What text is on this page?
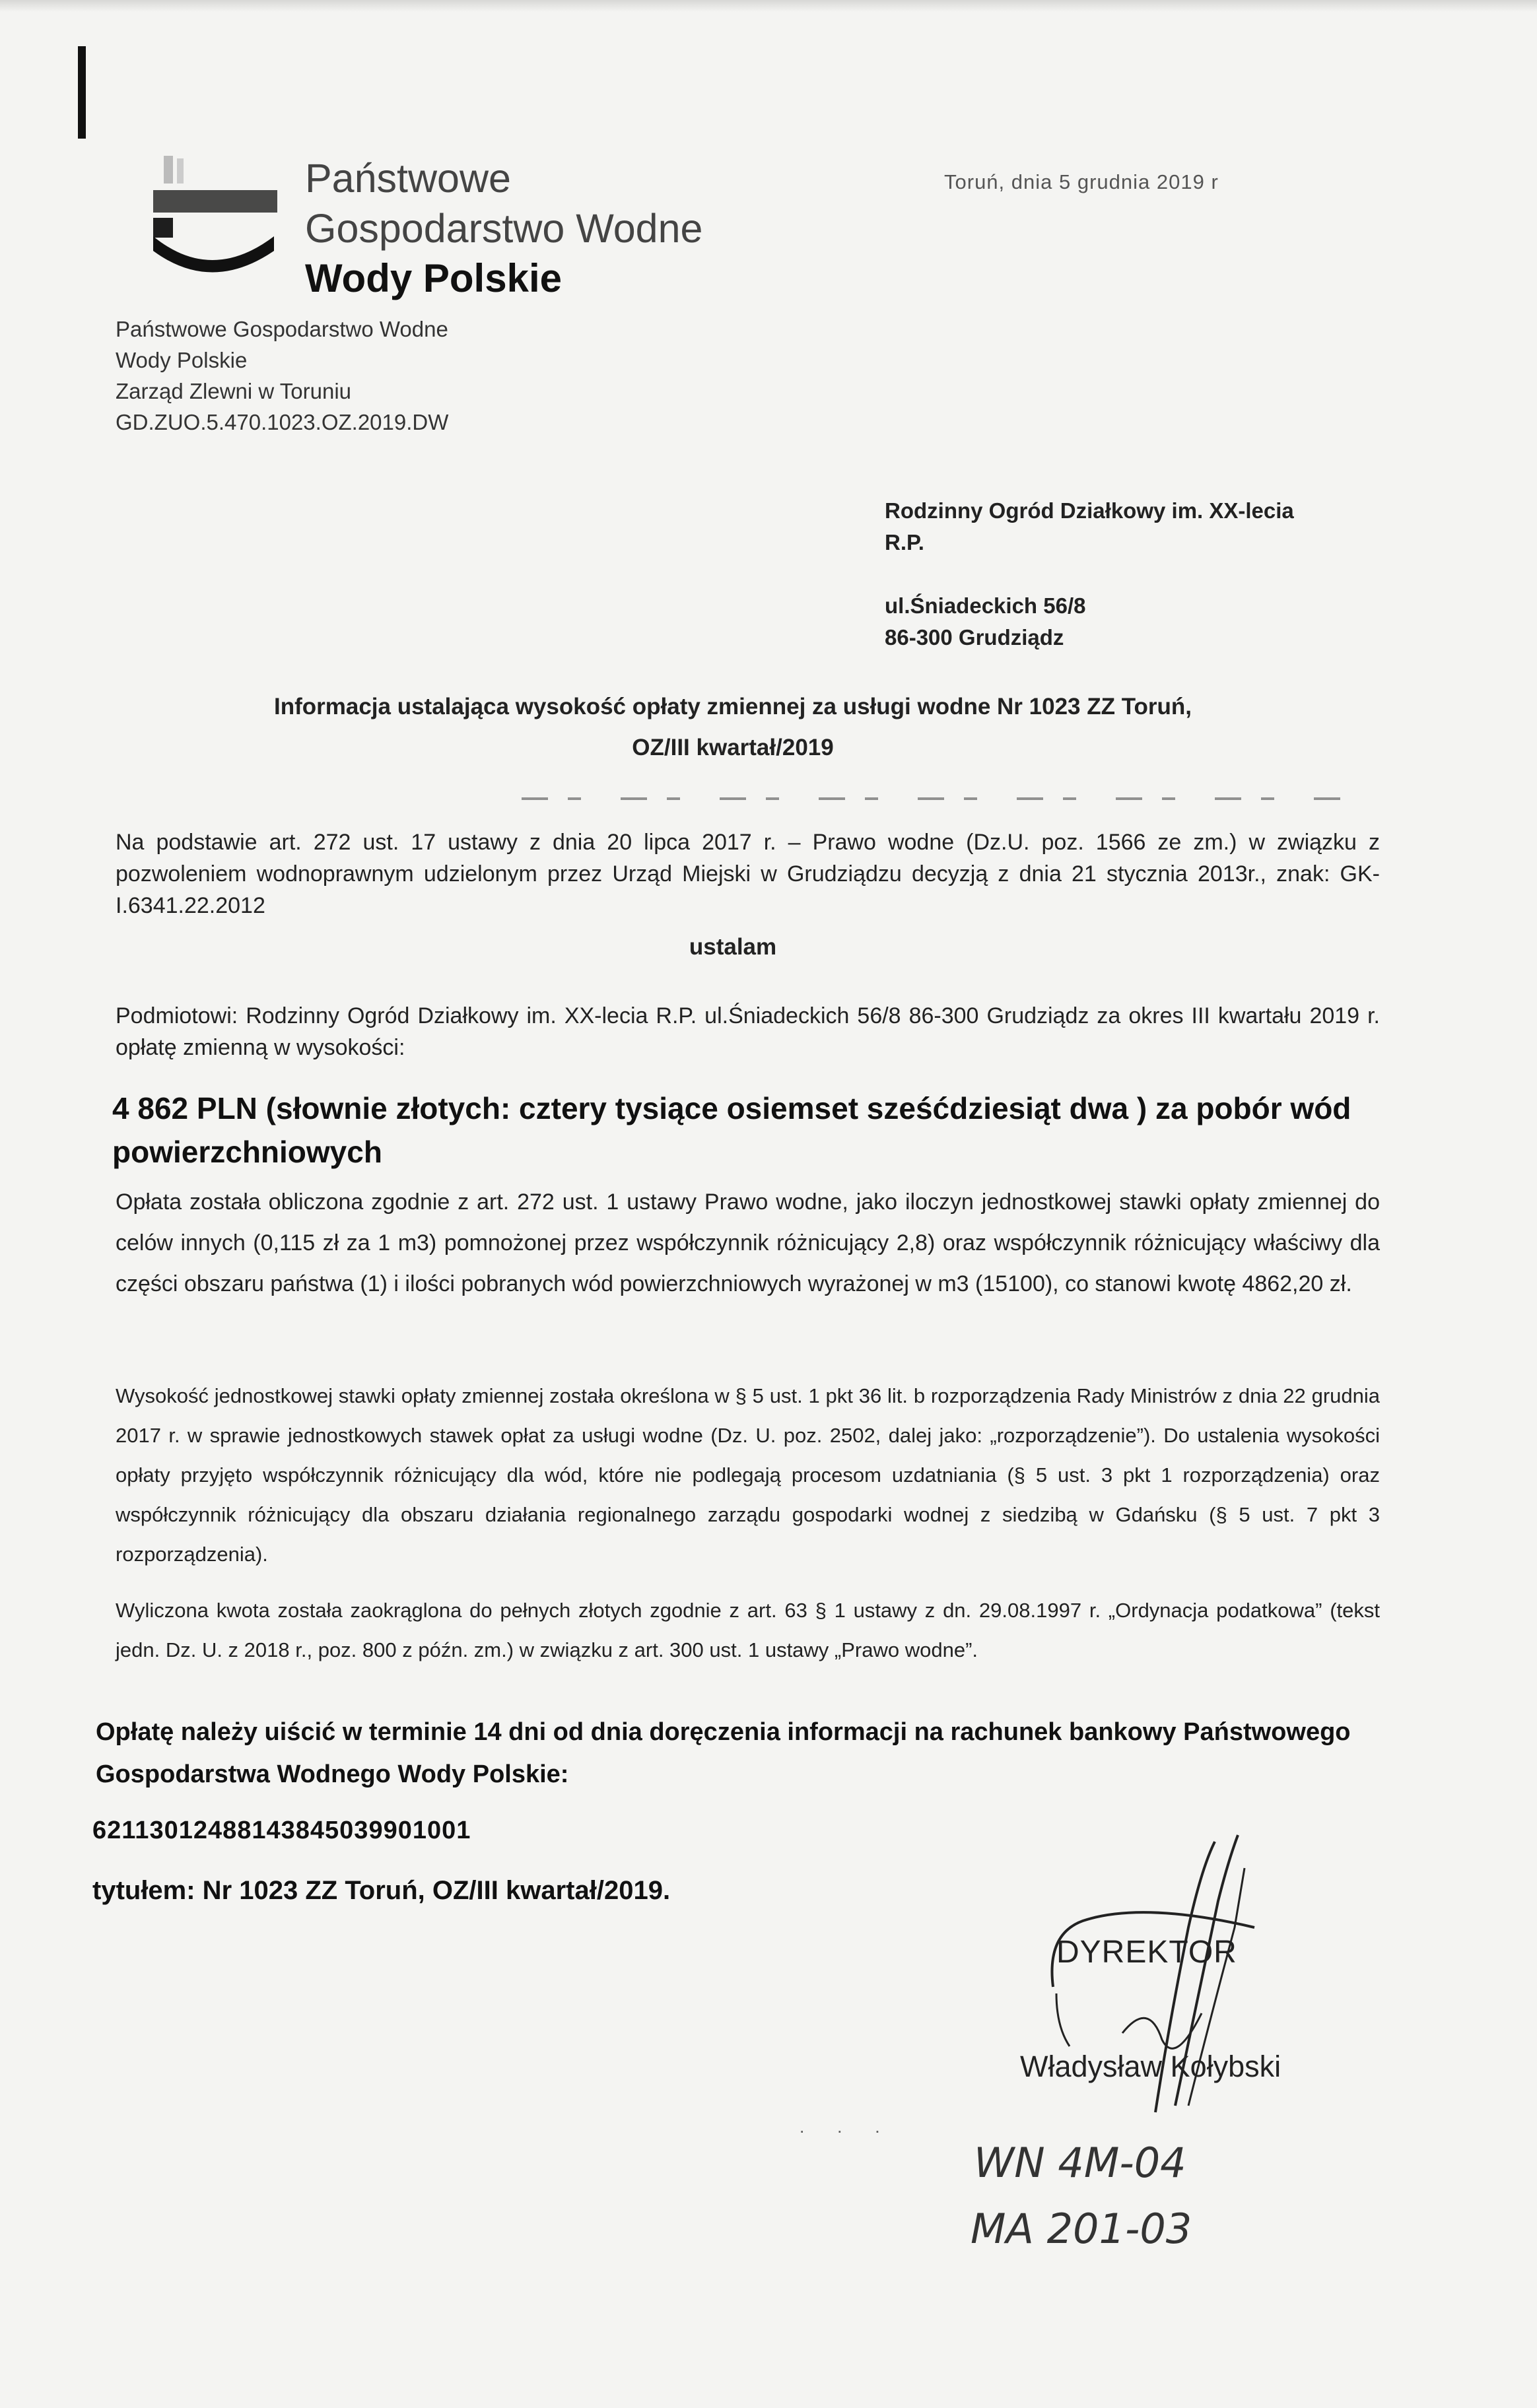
Państwowe
Gospodarstwo Wodne
Wody Polskie
Toruń, dnia 5 grudnia 2019 r
Państwowe Gospodarstwo Wodne
Wody Polskie
Zarząd Zlewni w Toruniu
GD.ZUO.5.470.1023.OZ.2019.DW
Rodzinny Ogród Działkowy im. XX-lecia
R.P.
ul.Śniadeckich 56/8
86-300 Grudziądz
Informacja ustalająca wysokość opłaty zmiennej za usługi wodne Nr 1023 ZZ Toruń,
OZ/III kwartał/2019
Na podstawie art. 272 ust. 17 ustawy z dnia 20 lipca 2017 r. – Prawo wodne (Dz.U. poz. 1566 ze zm.) w związku z pozwoleniem wodnoprawnym udzielonym przez Urząd Miejski w Grudziądzu decyzją z dnia 21 stycznia 2013r., znak: GK-I.6341.22.2012
ustalam
Podmiotowi: Rodzinny Ogród Działkowy im. XX-lecia R.P. ul.Śniadeckich 56/8 86-300 Grudziądz za okres III kwartału 2019 r. opłatę zmienną w wysokości:
4 862 PLN (słownie złotych: cztery tysiące osiemset sześćdziesiąt dwa ) za pobór wód powierzchniowych
Opłata została obliczona zgodnie z art. 272 ust. 1 ustawy Prawo wodne, jako iloczyn jednostkowej stawki opłaty zmiennej do celów innych (0,115 zł za 1 m3) pomnożonej przez współczynnik różnicujący 2,8) oraz współczynnik różnicujący właściwy dla części obszaru państwa (1) i ilości pobranych wód powierzchniowych wyrażonej w m3 (15100), co stanowi kwotę 4862,20 zł.
Wysokość jednostkowej stawki opłaty zmiennej została określona w § 5 ust. 1 pkt 36 lit. b rozporządzenia Rady Ministrów z dnia 22 grudnia 2017 r. w sprawie jednostkowych stawek opłat za usługi wodne (Dz. U. poz. 2502, dalej jako: „rozporządzenie”). Do ustalenia wysokości opłaty przyjęto współczynnik różnicujący dla wód, które nie podlegają procesom uzdatniania (§ 5 ust. 3 pkt 1 rozporządzenia) oraz współczynnik różnicujący dla obszaru działania regionalnego zarządu gospodarki wodnej z siedzibą w Gdańsku (§ 5 ust. 7 pkt 3 rozporządzenia).
Wyliczona kwota została zaokrąglona do pełnych złotych zgodnie z art. 63 § 1 ustawy z dn. 29.08.1997 r. „Ordynacja podatkowa” (tekst jedn. Dz. U. z 2018 r., poz. 800 z późn. zm.) w związku z art. 300 ust. 1 ustawy „Prawo wodne”.
Opłatę należy uiścić w terminie 14 dni od dnia doręczenia informacji na rachunek bankowy Państwowego Gospodarstwa Wodnego Wody Polskie:
62113012488143845039901001
tytułem: Nr 1023 ZZ Toruń, OZ/III kwartał/2019.
· · ·
DYREKTOR
Władysław Kołybski
WN 4M-04
MA 201-03
